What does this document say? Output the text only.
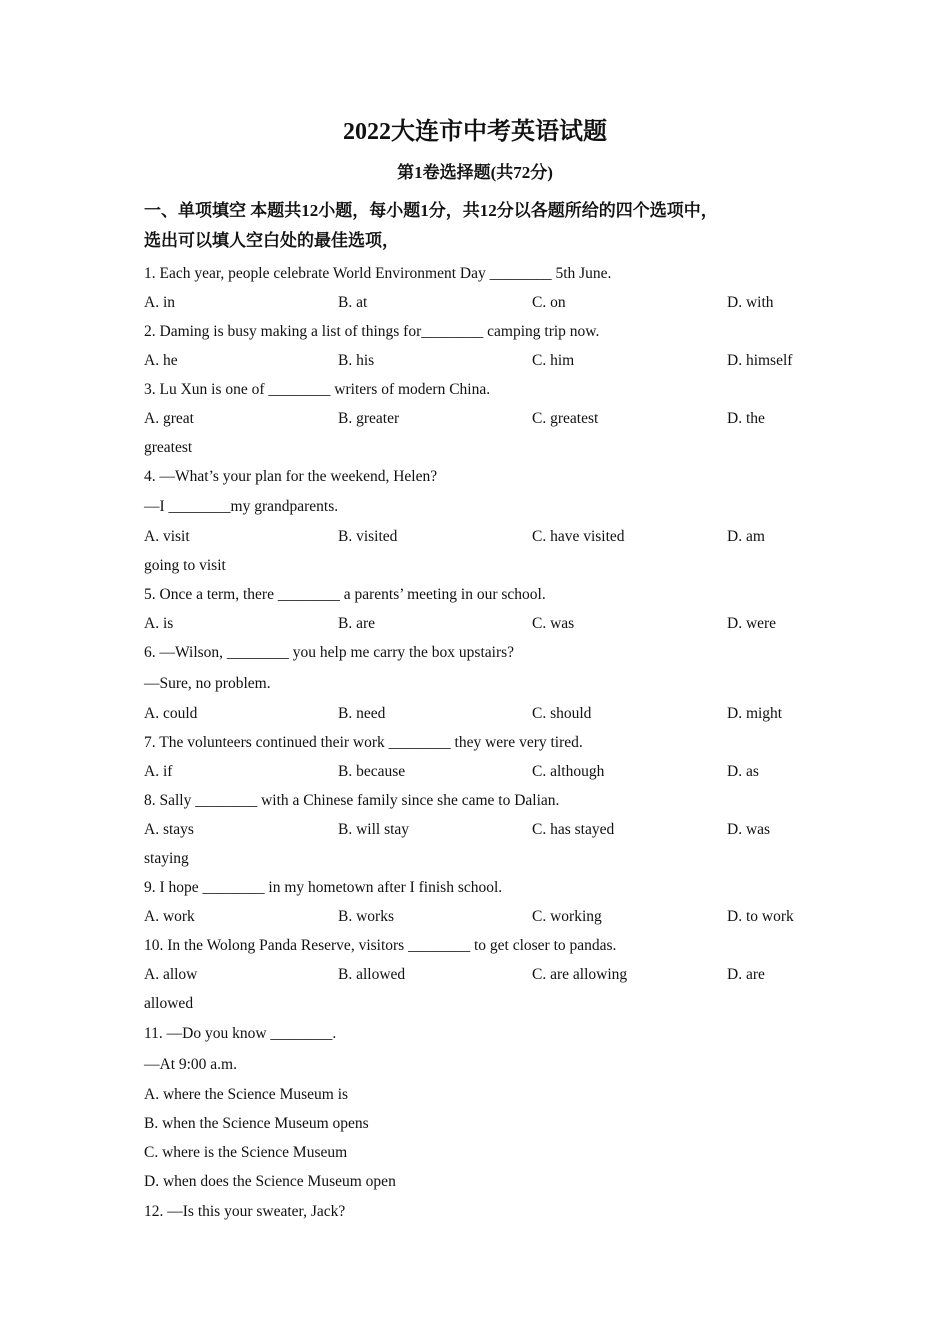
2022大连市中考英语试题
第1卷选择题(共72分)
一、单项填空 本题共12小题，每小题1分，共12分以各题所给的四个选项中，
选出可以填人空白处的最佳选项，
1. Each year, people celebrate World Environment Day ________ 5th June.
A. in	B. at	C. on	D. with
2. Daming is busy making a list of things for________ camping trip now.
A. he	B. his	C. him	D. himself
3. Lu Xun is one of ________ writers of modern China.
A. great	B. greater	C. greatest	D. the
greatest
4. —What’s your plan for the weekend, Helen?
—I ________my grandparents.
A. visit	B. visited	C. have visited	D. am
going to visit
5. Once a term, there ________ a parents’ meeting in our school.
A. is	B. are	C. was	D. were
6. —Wilson, ________ you help me carry the box upstairs?
—Sure, no problem.
A. could	B. need	C. should	D. might
7. The volunteers continued their work ________ they were very tired.
A. if	B. because	C. although	D. as
8. Sally ________ with a Chinese family since she came to Dalian.
A. stays	B. will stay	C. has stayed	D. was
staying
9. I hope ________ in my hometown after I finish school.
A. work	B. works	C. working	D. to work
10. In the Wolong Panda Reserve, visitors ________ to get closer to pandas.
A. allow	B. allowed	C. are allowing	D. are
allowed
11. —Do you know ________.
—At 9:00 a.m.
A. where the Science Museum is
B. when the Science Museum opens
C. where is the Science Museum
D. when does the Science Museum open
12. —Is this your sweater, Jack?
